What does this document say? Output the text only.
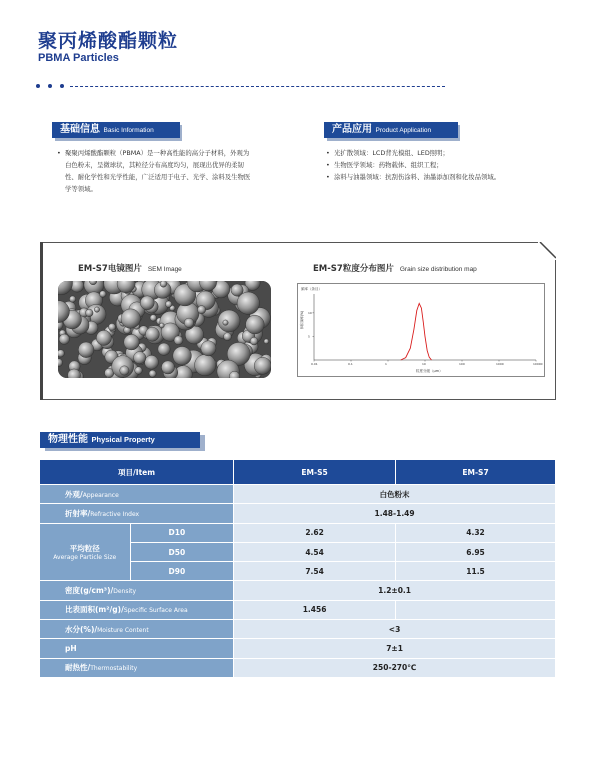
聚丙烯酸酯颗粒
PBMA Particles
基础信息 Basic Information
• 聚聚丙烯酸酯颗粒（PBMA）是一种高性能的高分子材料，外观为白色粉末，呈微球状，其粒径分布高度均匀，展现出优异的柔韧性、耐化学性和光学性能，广泛适用于电子、光学、涂料及生物医学等领域。
产品应用 Product Application
• 光扩散领域：LCD背光模组、LED照明；
• 生物医学领域：药物载体、组织工程；
• 涂料与油墨领域：抗刮伤涂料、油墨添加剂和化妆品领域。
EM-S7电镜图片 SEM Image	EM-S7粒度分布图片 Grain size distribution map
频率（条目）
体积频率(%)
粒度分级（μm）
0.01	0.1	1	10	100	1000	10000
5
10
物理性能 Physical Property
项目/Item		EM-S5	EM-S7
外观/Appearance		白色粉末	
折射率/Refractive Index		1.48-1.49	

平均粒径
Average Particle Size	D10	2.62	4.32
	D50	4.54	6.95
	D90	7.54	11.5
密度(g/cm³)/Density		1.2±0.1	
比表面积(m²/g)/Specific Surface Area		1.456	
水分(%)/Moisture Content		<3	
pH		7±1	
耐热性/Thermostability		250-270℃	
